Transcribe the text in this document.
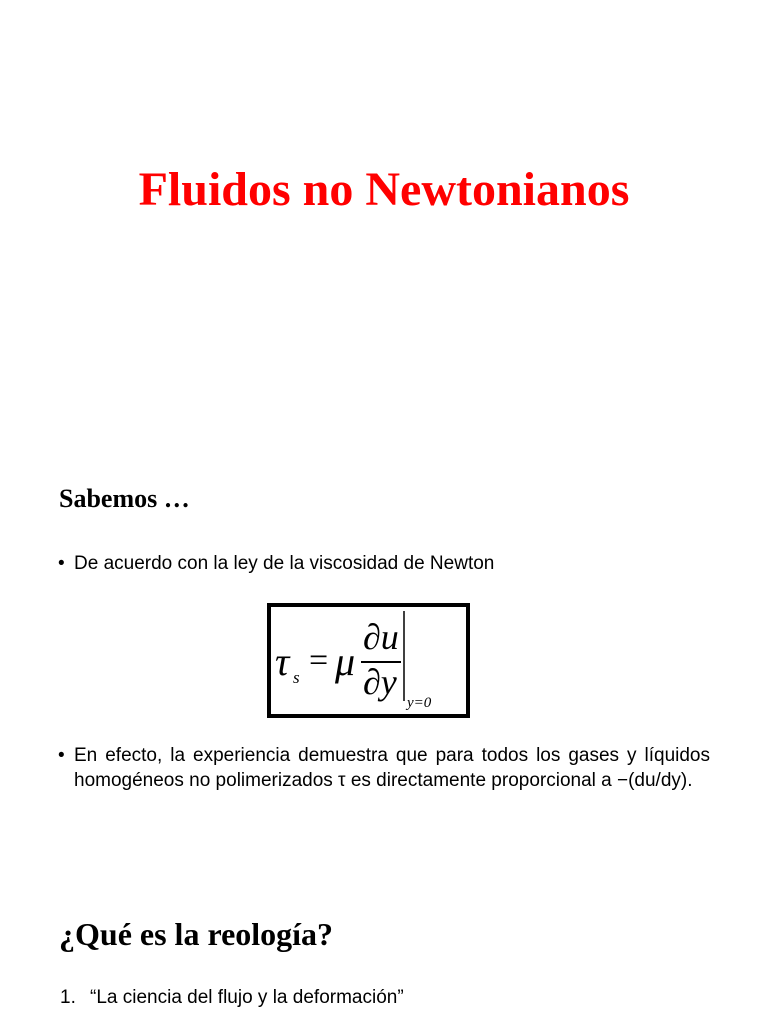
Fluidos no Newtonianos
Sabemos …
• De acuerdo con la ley de la viscosidad de Newton
τ s = μ
∂u
∂y
y=0
• En efecto, la experiencia demuestra que para todos los gases y líquidos homogéneos no polimerizados τ es directamente proporcional a −(du/dy).
¿Qué es la reología?
1. “La ciencia del flujo y la deformación”
